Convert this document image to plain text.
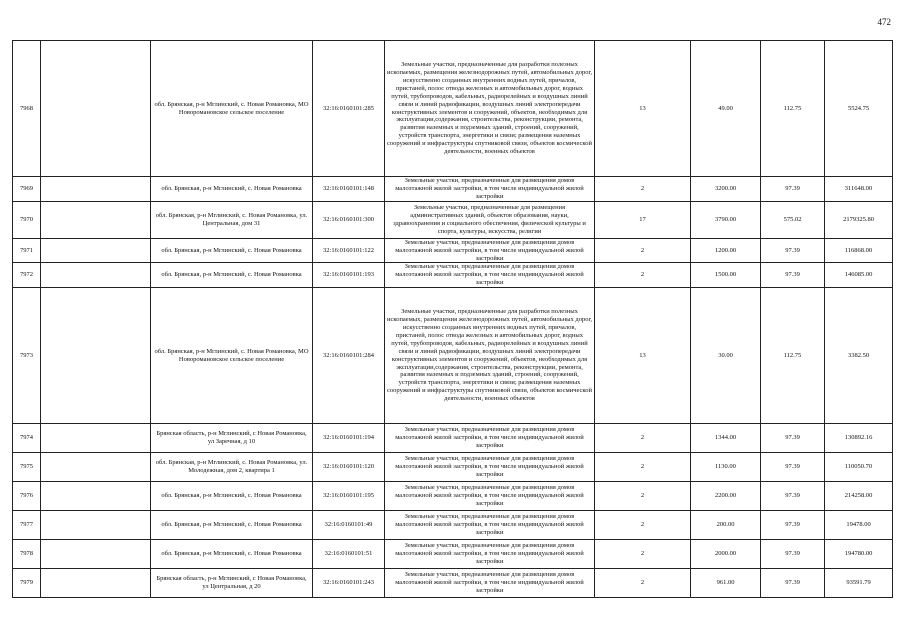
472
7968		обл. Брянская, р-н Мглинский, с. Новая Романовка, МО Новоромановское сельское поселение	32:16:0160101:285	Земельные участки, предназначенные для разработки полезных ископаемых, размещения железнодорожных путей, автомобильных дорог, искусственно созданных внутренних водных путей, причалов, пристаней, полос отвода железных и автомобильных дорог, водных путей, трубопроводов, кабельных, радиорелейных и воздушных линий связи и линий радиофикации, воздушных линий электропередачи конструктивных элементов и сооружений, объектов, необходимых для эксплуатации,содержания, строительства, реконструкции, ремонта, развития наземных и подземных зданий, строений, сооружений, устройств транспорта, энергетики и связи; размещения наземных сооружений и инфраструктуры спутниковой связи, объектов космической деятельности, военных объектов	13	49.00	112.75	5524.75
7969		обл. Брянская, р-н Мглинский, с. Новая Романовка	32:16:0160101:148	Земельные участки, предназначенные для размещения домов малоэтажной жилой застройки, в том числе индивидуальной жилой застройки	2	3200.00	97.39	311648.00
7970		обл. Брянская, р-н Мглинский, с. Новая Романовка, ул. Центральная, дом 31	32:16:0160101:300	Земельные участки, предназначенные для размещения административных зданий, объектов образования, науки, здравоохранения и социального обеспечения, физической культуры и спорта, культуры, искусства, религии	17	3790.00	575.02	2179325.80
7971		обл. Брянская, р-н Мглинский, с. Новая Романовка	32:16:0160101:122	Земельные участки, предназначенные для размещения домов малоэтажной жилой застройки, в том числе индивидуальной жилой застройки	2	1200.00	97.39	116868.00
7972		обл. Брянская, р-н Мглинский, с. Новая Романовка	32:16:0160101:193	Земельные участки, предназначенные для размещения домов малоэтажной жилой застройки, в том числе индивидуальной жилой застройки	2	1500.00	97.39	146085.00
7973		обл. Брянская, р-н Мглинский, с. Новая Романовка, МО Новоромановское сельское поселение	32:16:0160101:284	Земельные участки, предназначенные для разработки полезных ископаемых, размещения железнодорожных путей, автомобильных дорог, искусственно созданных внутренних водных путей, причалов, пристаней, полос отвода железных и автомобильных дорог, водных путей, трубопроводов, кабельных, радиорелейных и воздушных линий связи и линий радиофикации, воздушных линий электропередачи конструктивных элементов и сооружений, объектов, необходимых для эксплуатации,содержания, строительства, реконструкции, ремонта, развития наземных и подземных зданий, строений, сооружений, устройств транспорта, энергетики и связи; размещения наземных сооружений и инфраструктуры спутниковой связи, объектов космической деятельности, военных объектов	13	30.00	112.75	3382.50
7974		Брянская область, р-н Мглинский, с Новая Романовка, ул Заречная, д 10	32:16:0160101:194	Земельные участки, предназначенные для размещения домов малоэтажной жилой застройки, в том числе индивидуальной жилой застройки	2	1344.00	97.39	130892.16
7975		обл. Брянская, р-н Мглинский, с. Новая Романовка, ул. Молодежная, дом 2, квартира 1	32:16:0160101:120	Земельные участки, предназначенные для размещения домов малоэтажной жилой застройки, в том числе индивидуальной жилой застройки	2	1130.00	97.39	110050.70
7976		обл. Брянская, р-н Мглинский, с. Новая Романовка	32:16:0160101:195	Земельные участки, предназначенные для размещения домов малоэтажной жилой застройки, в том числе индивидуальной жилой застройки	2	2200.00	97.39	214258.00
7977		обл. Брянская, р-н Мглинский, с. Новая Романовка	32:16:0160101:49	Земельные участки, предназначенные для размещения домов малоэтажной жилой застройки, в том числе индивидуальной жилой застройки	2	200.00	97.39	19478.00
7978		обл. Брянская, р-н Мглинский, с. Новая Романовка	32:16:0160101:51	Земельные участки, предназначенные для размещения домов малоэтажной жилой застройки, в том числе индивидуальной жилой застройки	2	2000.00	97.39	194780.00
7979		Брянская область, р-н Мглинский, с Новая Романовка, ул Центральная, д 20	32:16:0160101:243	Земельные участки, предназначенные для размещения домов малоэтажной жилой застройки, в том числе индивидуальной жилой застройки	2	961.00	97.39	93591.79
